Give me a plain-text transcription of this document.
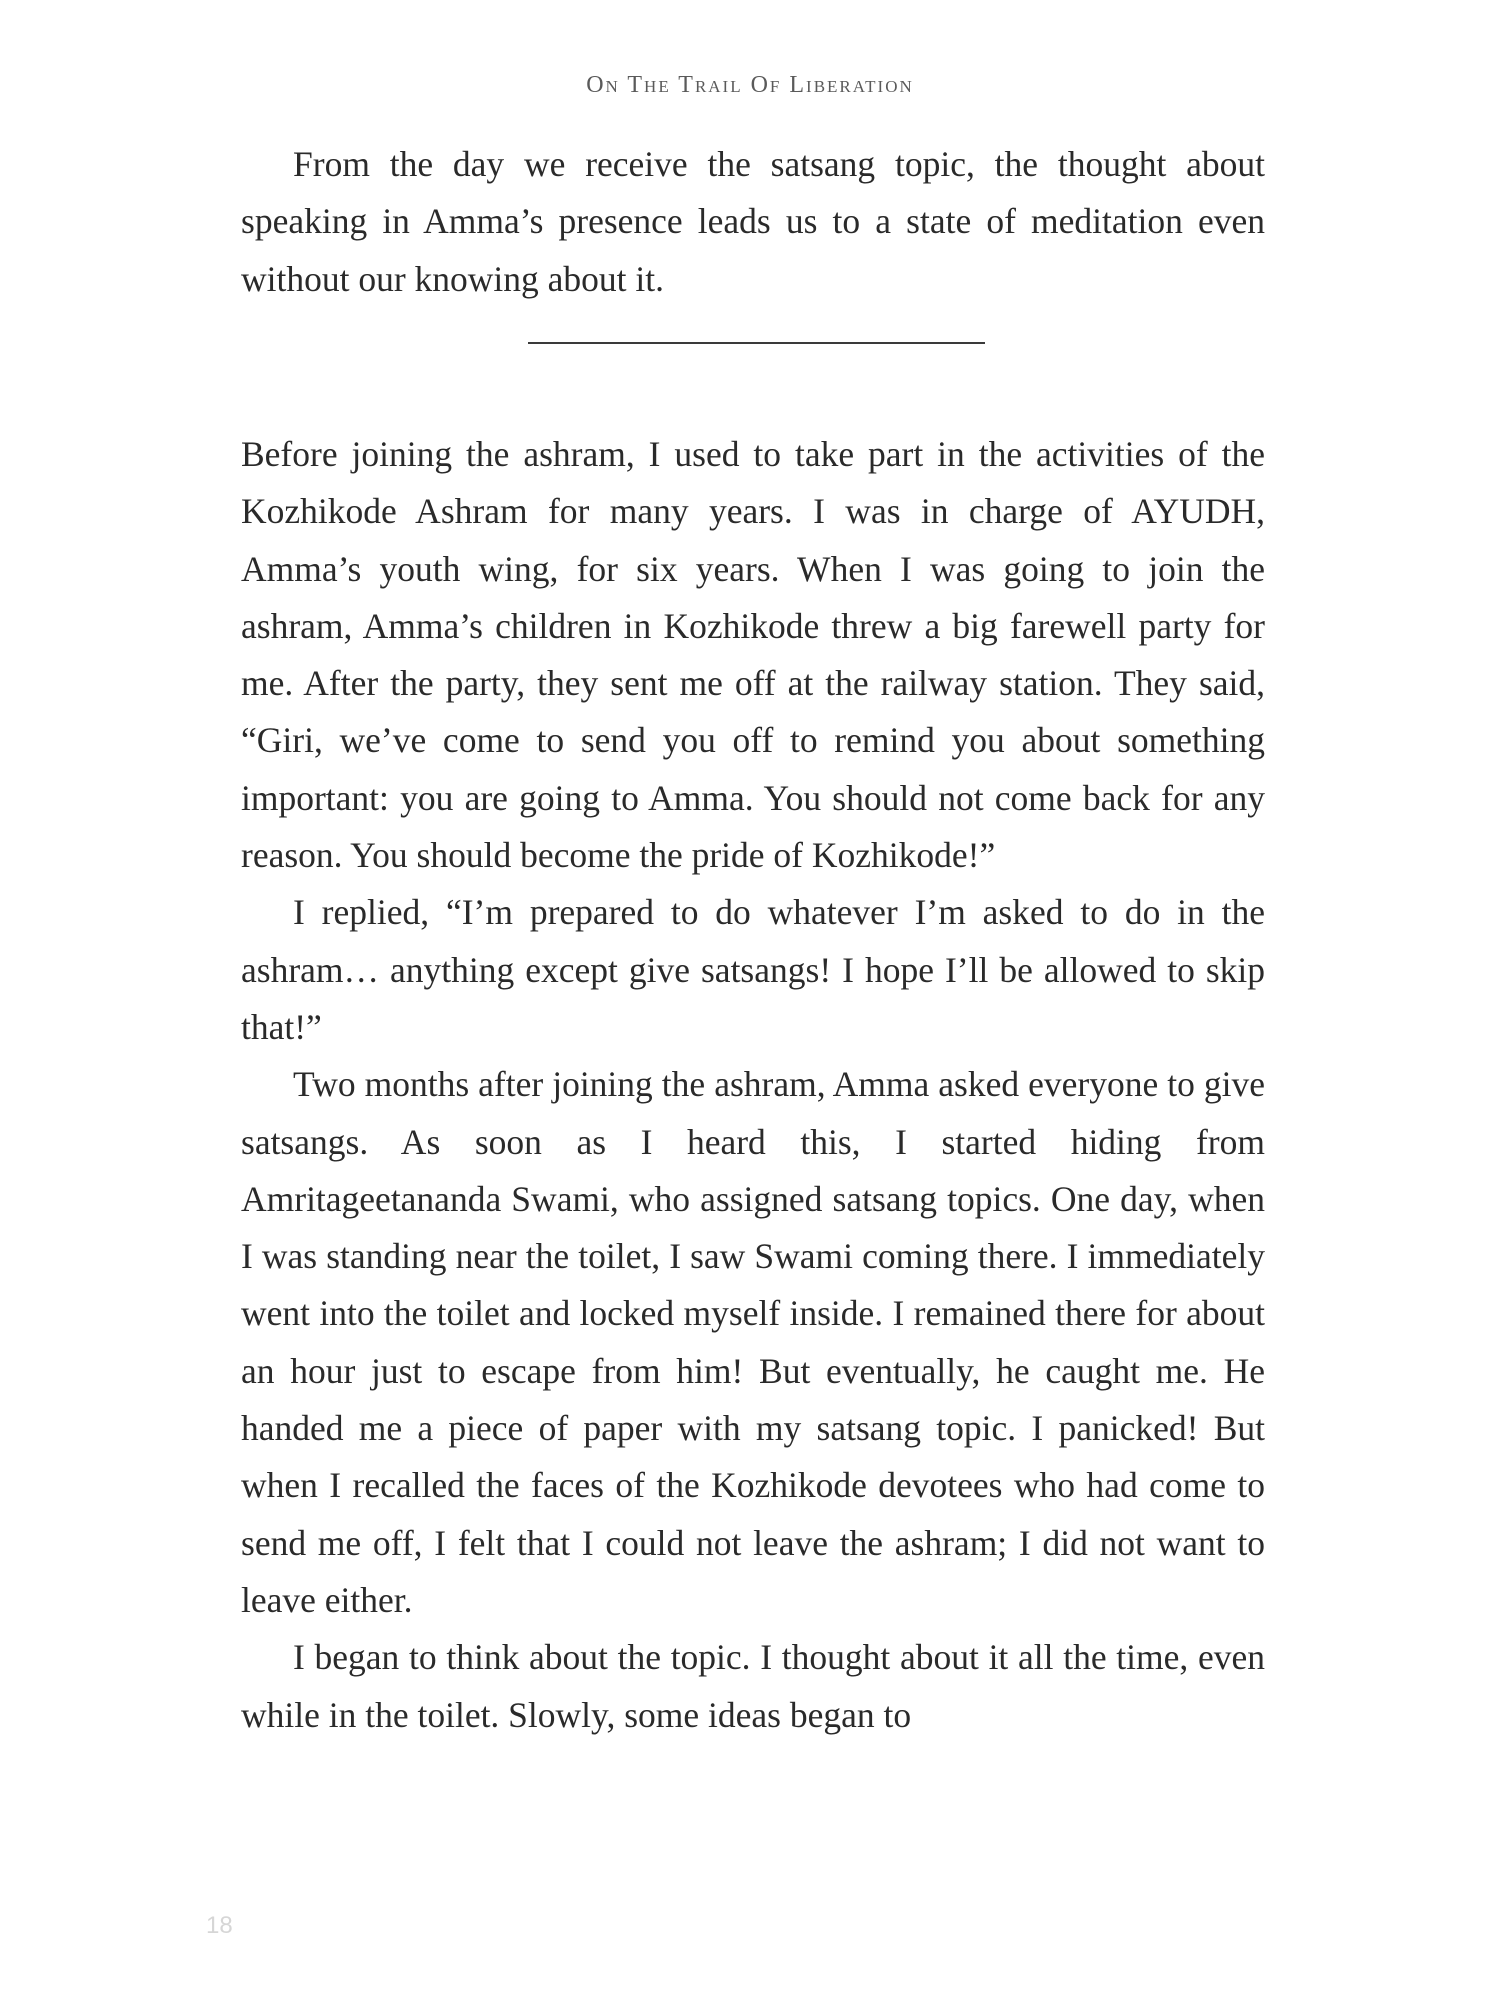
On The Trail Of Liberation

From the day we receive the satsang topic, the thought about speaking in Amma’s presence leads us to a state of meditation even without our knowing about it.

Before joining the ashram, I used to take part in the activities of the Kozhikode Ashram for many years. I was in charge of AYUDH, Amma’s youth wing, for six years. When I was going to join the ashram, Amma’s children in Kozhikode threw a big farewell party for me. After the party, they sent me off at the railway station. They said, “Giri, we’ve come to send you off to remind you about something important: you are going to Amma. You should not come back for any reason. You should become the pride of Kozhikode!”

I replied, “I’m prepared to do whatever I’m asked to do in the ashram… anything except give satsangs! I hope I’ll be allowed to skip that!”

Two months after joining the ashram, Amma asked everyone to give satsangs. As soon as I heard this, I started hiding from Amritageetananda Swami, who assigned satsang topics. One day, when I was standing near the toilet, I saw Swami coming there. I immediately went into the toilet and locked myself inside. I remained there for about an hour just to escape from him! But eventually, he caught me. He handed me a piece of paper with my satsang topic. I panicked! But when I recalled the faces of the Kozhikode devotees who had come to send me off, I felt that I could not leave the ashram; I did not want to leave either.

I began to think about the topic. I thought about it all the time, even while in the toilet. Slowly, some ideas began to

18
